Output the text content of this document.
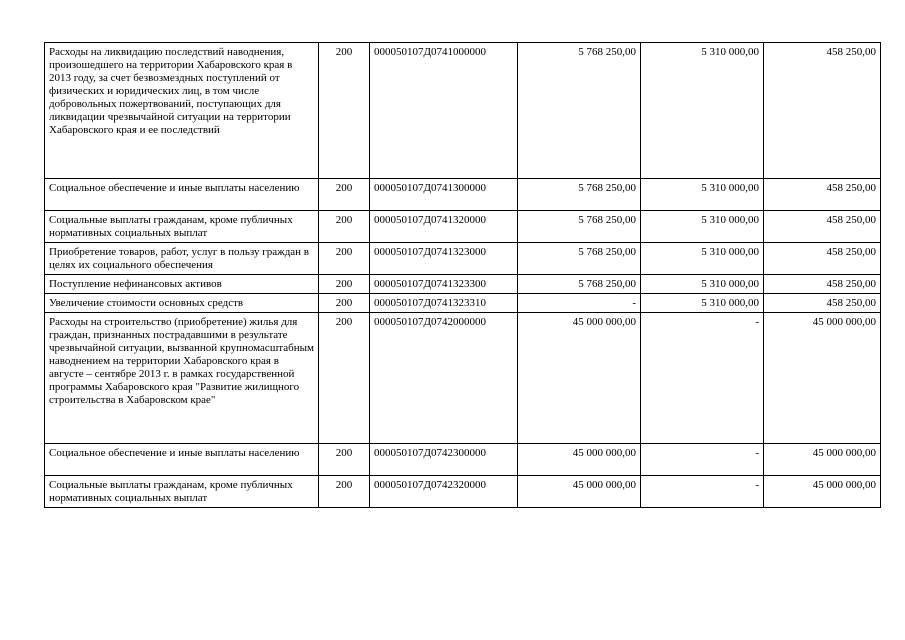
Расходы на ликвидацию последствий наводнения, произошедшего на территории Хабаровского края в 2013 году, за счет безвозмездных поступлений от физических и юридических лиц, в том числе добровольных пожертвований, поступающих для ликвидации чрезвычайной ситуации на территории Хабаровского края и ее последствий	200	000050107Д0741000000	5 768 250,00	5 310 000,00	458 250,00
Социальное обеспечение и иные выплаты населению	200	000050107Д0741300000	5 768 250,00	5 310 000,00	458 250,00
Социальные выплаты гражданам, кроме публичных нормативных социальных выплат	200	000050107Д0741320000	5 768 250,00	5 310 000,00	458 250,00
Приобретение товаров, работ, услуг в пользу граждан в целях их социального обеспечения	200	000050107Д0741323000	5 768 250,00	5 310 000,00	458 250,00
Поступление нефинансовых активов	200	000050107Д0741323300	5 768 250,00	5 310 000,00	458 250,00
Увеличение стоимости основных средств	200	000050107Д0741323310	-	5 310 000,00	458 250,00
Расходы на строительство (приобретение) жилья для граждан, признанных пострадавшими в результате чрезвычайной ситуации, вызванной крупномасштабным наводнением на территории Хабаровского края в августе – сентябре 2013 г. в рамках государственной программы Хабаровского края "Развитие жилищного строительства в Хабаровском крае"	200	000050107Д0742000000	45 000 000,00	-	45 000 000,00
Социальное обеспечение и иные выплаты населению	200	000050107Д0742300000	45 000 000,00	-	45 000 000,00
Социальные выплаты гражданам, кроме публичных нормативных социальных выплат	200	000050107Д0742320000	45 000 000,00	-	45 000 000,00
